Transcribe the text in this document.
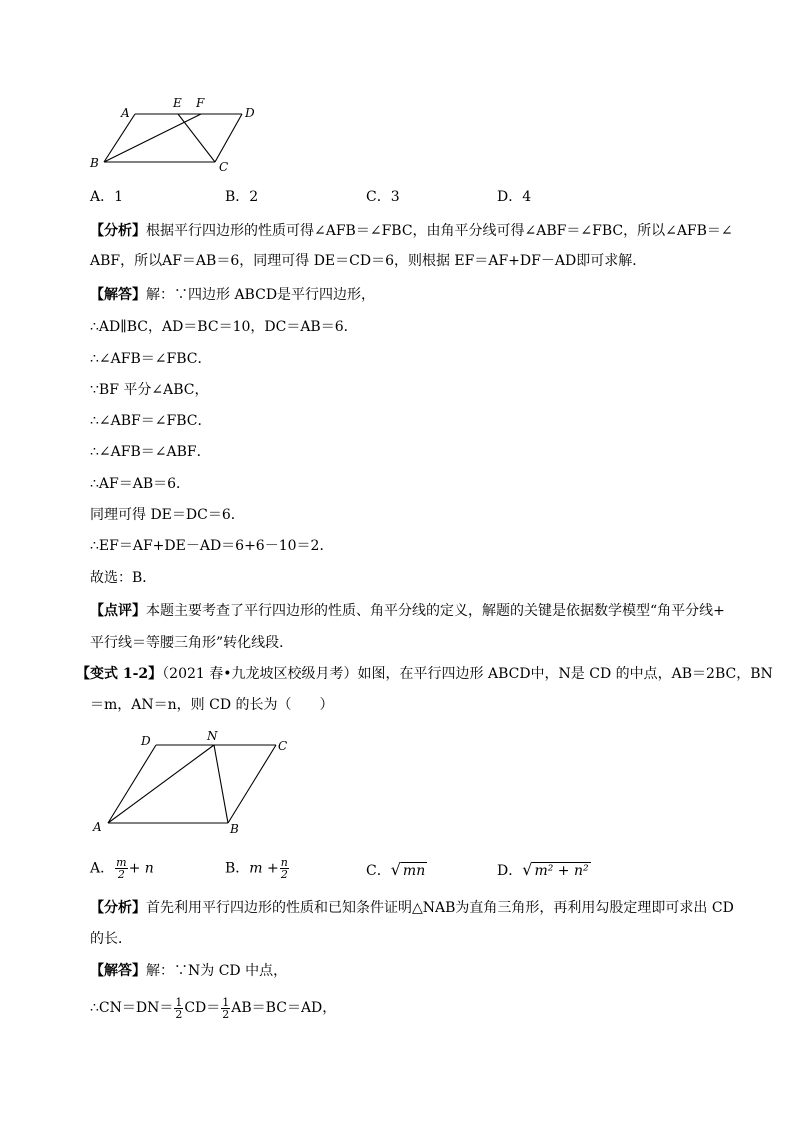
A
E F
D
B	C
A．1	B．2	C．3	D．4
【分析】根据平行四边形的性质可得∠AFB＝∠FBC，由角平分线可得∠ABF＝∠FBC，所以∠AFB＝∠
ABF，所以AF＝AB＝6，同理可得 DE＝CD＝6，则根据 EF＝AF+DF－AD即可求解．
【解答】解：∵四边形 ABCD是平行四边形，
∴AD∥BC，AD＝BC＝10，DC＝AB＝6．
∴∠AFB＝∠FBC．
∵BF 平分∠ABC，
∴∠ABF＝∠FBC．
∴∠AFB＝∠ABF．
∴AF＝AB＝6．
同理可得 DE＝DC＝6．
∴EF＝AF+DE－AD＝6+6－10＝2．
故选：B．
【点评】本题主要考查了平行四边形的性质、角平分线的定义，解题的关键是依据数学模型“角平分线+
平行线＝等腰三角形”转化线段．
【变式 1-2】（2021 春•九龙坡区校级月考）如图，在平行四边形 ABCD中，N是 CD 的中点，AB＝2BC，BN
＝m，AN＝n，则 CD 的长为（　　）
D	N
C
A	B
A． $\frac{m}{2} + n$	B．$m + \frac{n}{2}$	C．√ mn	D．√ m² + n²
【分析】首先利用平行四边形的性质和已知条件证明△NAB为直角三角形，再利用勾股定理即可求出 CD
的长．
【解答】解：∵N为 CD 中点，
∴CN＝DN＝ $\frac{1}{2} CD= \frac{1}{2} AB=BC=AD$，
